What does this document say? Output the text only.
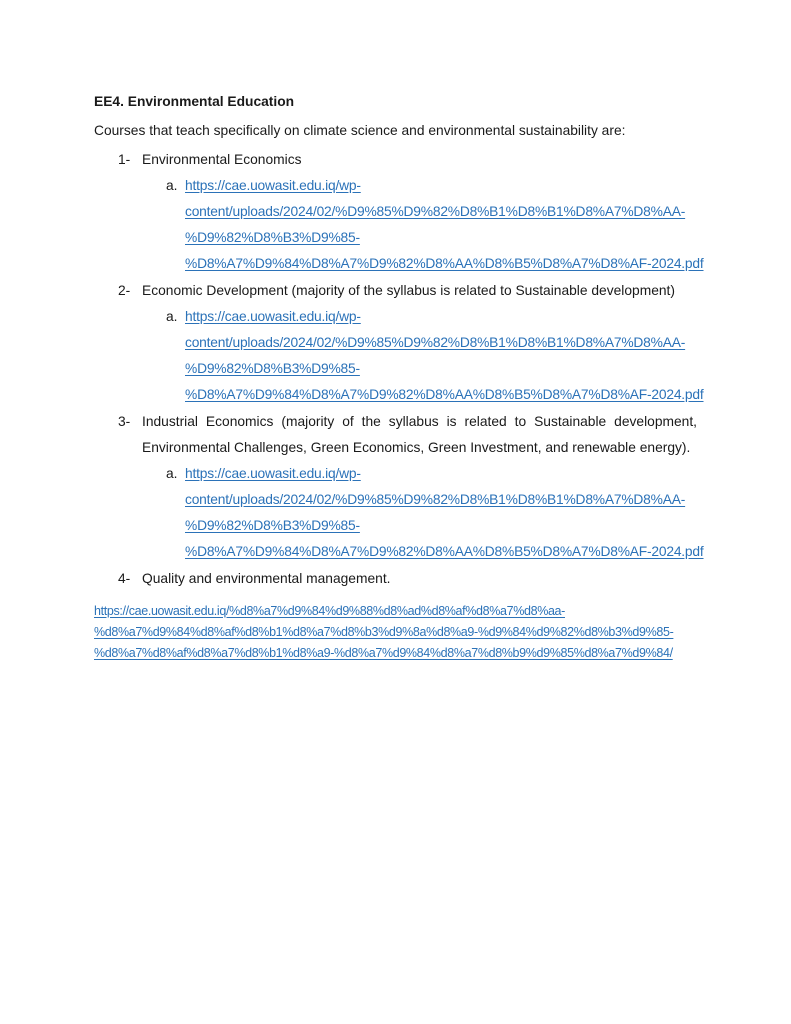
EE4. Environmental Education

Courses that teach specifically on climate science and environmental sustainability are:

1- Environmental Economics

a. https://cae.uowasit.edu.iq/wp-
content/uploads/2024/02/%D9%85%D9%82%D8%B1%D8%B1%D8%A7%D8%AA-
%D9%82%D8%B3%D9%85-
%D8%A7%D9%84%D8%A7%D9%82%D8%AA%D8%B5%D8%A7%D8%AF-2024.pdf
2- Economic Development (majority of the syllabus is related to Sustainable development)

a. https://cae.uowasit.edu.iq/wp-
content/uploads/2024/02/%D9%85%D9%82%D8%B1%D8%B1%D8%A7%D8%AA-
%D9%82%D8%B3%D9%85-
%D8%A7%D9%84%D8%A7%D9%82%D8%AA%D8%B5%D8%A7%D8%AF-2024.pdf
3- Industrial Economics (majority of the syllabus is related to Sustainable development,
Environmental Challenges, Green Economics, Green Investment, and renewable energy).

a. https://cae.uowasit.edu.iq/wp-
content/uploads/2024/02/%D9%85%D9%82%D8%B1%D8%B1%D8%A7%D8%AA-
%D9%82%D8%B3%D9%85-
%D8%A7%D9%84%D8%A7%D9%82%D8%AA%D8%B5%D8%A7%D8%AF-2024.pdf
4- Quality and environmental management.

https://cae.uowasit.edu.iq/%d8%a7%d9%84%d9%88%d8%ad%d8%af%d8%a7%d8%aa-
%d8%a7%d9%84%d8%af%d8%b1%d8%a7%d8%b3%d9%8a%d8%a9-%d9%84%d9%82%d8%b3%d9%85-
%d8%a7%d8%af%d8%a7%d8%b1%d8%a9-%d8%a7%d9%84%d8%a7%d8%b9%d9%85%d8%a7%d9%84/
